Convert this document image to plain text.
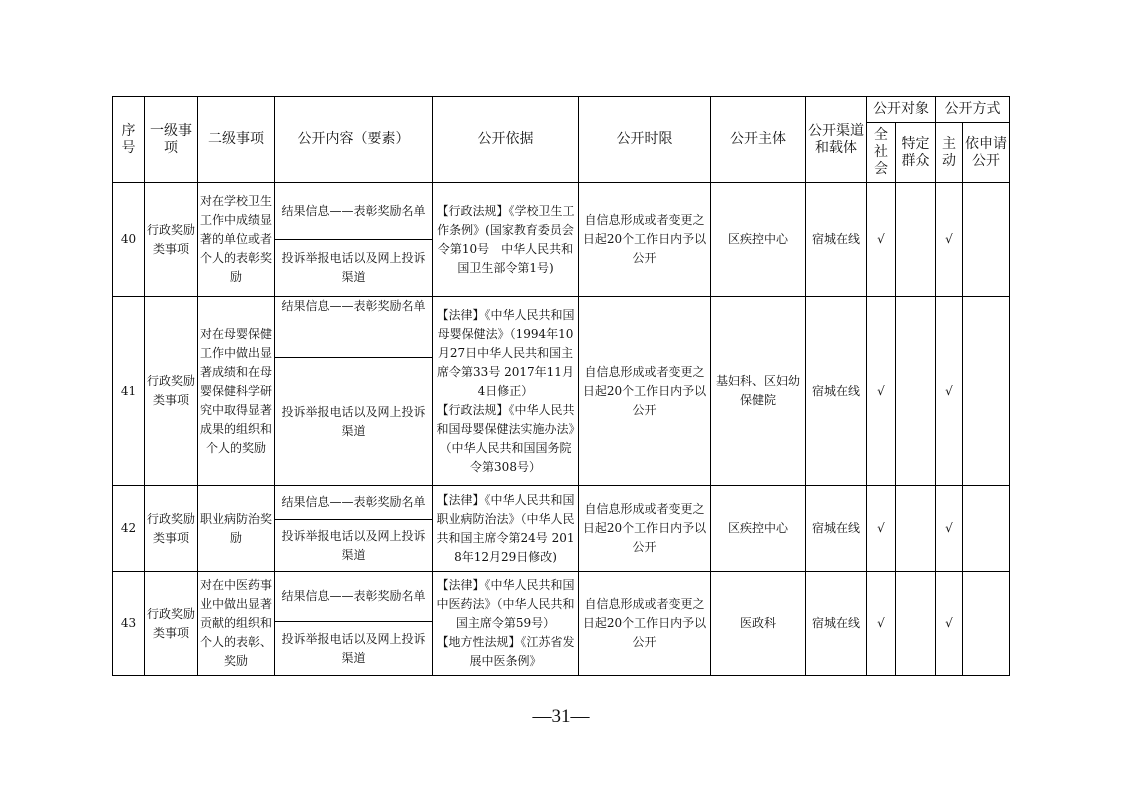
序号	一级事项	二级事项	公开内容（要素）	公开依据	公开时限	公开主体	公开渠道和载体	公开对象		公开方式	
								全社会	特定群众	主动	依申请公开
40	行政奖励类事项	对在学校卫生工作中成绩显著的单位或者个人的表彰奖励	结果信息——表彰奖励名单	【行政法规】《学校卫生工作条例》(国家教育委员会令第10号　中华人民共和国卫生部令第1号)	自信息形成或者变更之日起20个工作日内予以公开	区疾控中心	宿城在线	√		√	
			投诉举报电话以及网上投诉渠道								
41	行政奖励类事项	对在母婴保健工作中做出显著成绩和在母婴保健科学研究中取得显著成果的组织和个人的奖励	结果信息——表彰奖励名单	【法律】《中华人民共和国母婴保健法》（1994年10月27日中华人民共和国主席令第33号 2017年11月4日修正）
【行政法规】《中华人民共和国母婴保健法实施办法》（中华人民共和国国务院令第308号）	自信息形成或者变更之日起20个工作日内予以公开	基妇科、区妇幼保健院	宿城在线	√		√	
			投诉举报电话以及网上投诉渠道								
42	行政奖励类事项	职业病防治奖励	结果信息——表彰奖励名单	【法律】《中华人民共和国职业病防治法》（中华人民共和国主席令第24号 2018年12月29日修改)	自信息形成或者变更之日起20个工作日内予以公开	区疾控中心	宿城在线	√		√	
			投诉举报电话以及网上投诉渠道								
43	行政奖励类事项	对在中医药事业中做出显著贡献的组织和个人的表彰、奖励	结果信息——表彰奖励名单	【法律】《中华人民共和国中医药法》（中华人民共和国主席令第59号）
【地方性法规】《江苏省发展中医条例》	自信息形成或者变更之日起20个工作日内予以公开	医政科	宿城在线	√		√	
			投诉举报电话以及网上投诉渠道								
—31—
